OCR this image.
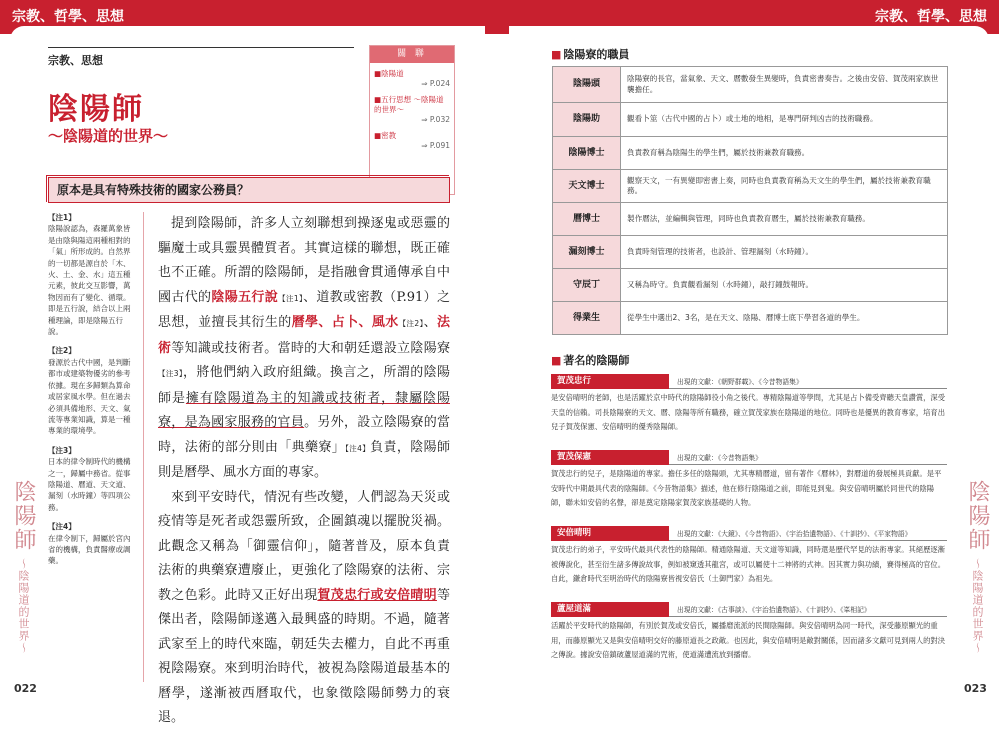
宗教、哲學、思想	宗教、哲學、思想
宗教、思想
陰陽師
～陰陽道的世界～
關 聯
■陰陽道
⇒ P.024
■五行思想 ～陰陽道的世界～
⇒ P.032
■密教
⇒ P.091
原本是具有特殊技術的國家公務員？
【注1】
陰陽說認為，森羅萬象皆是由陰與陽這兩種相對的「氣」所形成的。自然界的一切都是源自於「木、火、土、金、水」這五種元素，彼此交互影響，萬物因而有了變化、循環。即是五行說，結合以上兩種理論，即是陰陽五行說。
【注2】
發源於古代中國，是判斷都市或建築物優劣的參考依據。現在多歸類為算命或居家風水學。但在過去必須具備地形、天文、氣流等專業知識，算是一種專業的環境學。
【注3】
日本的律令制時代的機構之一，歸屬中務省。從事陰陽道、曆道、天文道、漏刻（水時鐘）等四項公務。
【注4】
在律令制下，歸屬於宮內省的機構，負責醫療或調藥。

提到陰陽師，許多人立刻聯想到操逐鬼或惡靈的驅魔士或具靈異體質者。其實這樣的聯想，既正確也不正確。所謂的陰陽師，是指融會貫通傳承自中國古代的陰陽五行說【注1】、道教或密教（P.91）之思想，並擅長其衍生的曆學、占卜、風水【注2】、法術等知識或技術者。當時的大和朝廷還設立陰陽寮【注3】，將他們納入政府組織。換言之，所謂的陰陽師是擁有陰陽道為主的知識或技術者，隸屬陰陽寮，是為國家服務的官員。另外，設立陰陽寮的當時，法術的部分則由「典藥寮」【注4】負責，陰陽師則是曆學、風水方面的專家。

來到平安時代，情況有些改變，人們認為天災或疫情等是死者或怨靈所致，企圖鎮魂以擺脫災禍。此觀念又稱為「御靈信仰」，隨著普及，原本負責法術的典藥寮遭廢止，更強化了陰陽寮的法術、宗教之色彩。此時又正好出現賀茂忠行或安倍晴明等傑出者，陰陽師遂邁入最興盛的時期。不過，隨著武家至上的時代來臨，朝廷失去權力，自此不再重視陰陽寮。來到明治時代，被視為陰陽道最基本的曆學，遂漸被西曆取代，也象徵陰陽師勢力的衰退。

陰陽師～陰陽道的世界～
022
■ 陰陽寮的職員
陰陽頭	陰陽寮的長官，當氣象、天文、曆數發生異變時，負責密書奏告。之後由安倍、賀茂兩家族世襲擔任。
陰陽助	觀看卜筮（古代中國的占卜）或土地的地相，是專門研判凶吉的技術職務。
陰陽博士	負責教育稱為陰陽生的學生們，屬於技術兼教育職務。
天文博士	觀察天文，一有異變即密書上奏，同時也負責教育稱為天文生的學生們，屬於技術兼教育職務。
曆博士	製作曆法，並編輯與管理，同時也負責教育曆生，屬於技術兼教育職務。
漏刻博士	負責時刻管理的技術者，也設計、管理漏刻（水時鐘）。
守辰丁	又稱為時守。負責觀看漏刻（水時鐘），敲打鐘鼓報時。
得業生	從學生中選出2、3名，是在天文、陰陽、曆博士底下學習各道的學生。
■ 著名的陰陽師
賀茂忠行	出現的文獻：《朝野群載》、《今昔物語集》
是安倍晴明的老師，也是活躍於京中時代的陰陽師役小角之後代。專精陰陽道等學問，尤其是占卜備受齊聽天皇讚賞，深受天皇的信賴。司長陰陽寮的天文、曆、陰陽等所有職務，確立賀茂家族在陰陽道的地位。同時也是優異的教育專家，培育出兒子賀茂保憲、安倍晴明的優秀陰陽師。
賀茂保憲	出現的文獻：《今昔物語集》
賀茂忠行的兒子，是陰陽道的專家。擔任多任的陰陽頭，尤其專精曆道，留有著作《曆林》，對曆道的發展極具貢獻。是平安時代中期最具代表的陰陽師。《今昔物語集》描述，他在修行陰陽道之前，即能見到鬼。與安倍晴明屬於同世代的陰陽師，聯未如安倍的名聲，卻是奠定陰陽家賀茂家族基礎的人物。
安倍晴明	出現的文獻：《大鏡》、《今昔物語》、《宇治拾遺物語》、《十訓抄》、《平家物語》
賀茂忠行的弟子，平安時代最具代表性的陰陽師。精通陰陽道、天文道等知識，同時還是歷代罕見的法術專家。其絕歷逐漸被傳說化，甚至衍生諸多傳說故事，例如被窺透其龍宮，或可以屬使十二神將的式神。因其實力與功績，賽得極高的官位。自此，鎌倉時代至明治時代的陰陽寮皆視安倍氏（土御門家）為祖先。
蘆屋道滿	出現的文獻：《古事談》、《宇治拾遺物語》、《十訓抄》、《峯相記》
活躍於平安時代的陰陽師，有別於賀茂或安倍氏，屬播磨流派的民間陰陽師。與安倍晴明為同一時代，深受藤原顯光的重用，而藤原顯光又是與安倍晴明交好的藤原道長之政敵。也因此，與安倍晴明是敵對關係，因而諸多文獻可見到兩人的對決之傳說。據說安倍鎮破蘆屋道滿的咒術，使道滿遭流放到播磨。
陰陽師～陰陽道的世界～
023
